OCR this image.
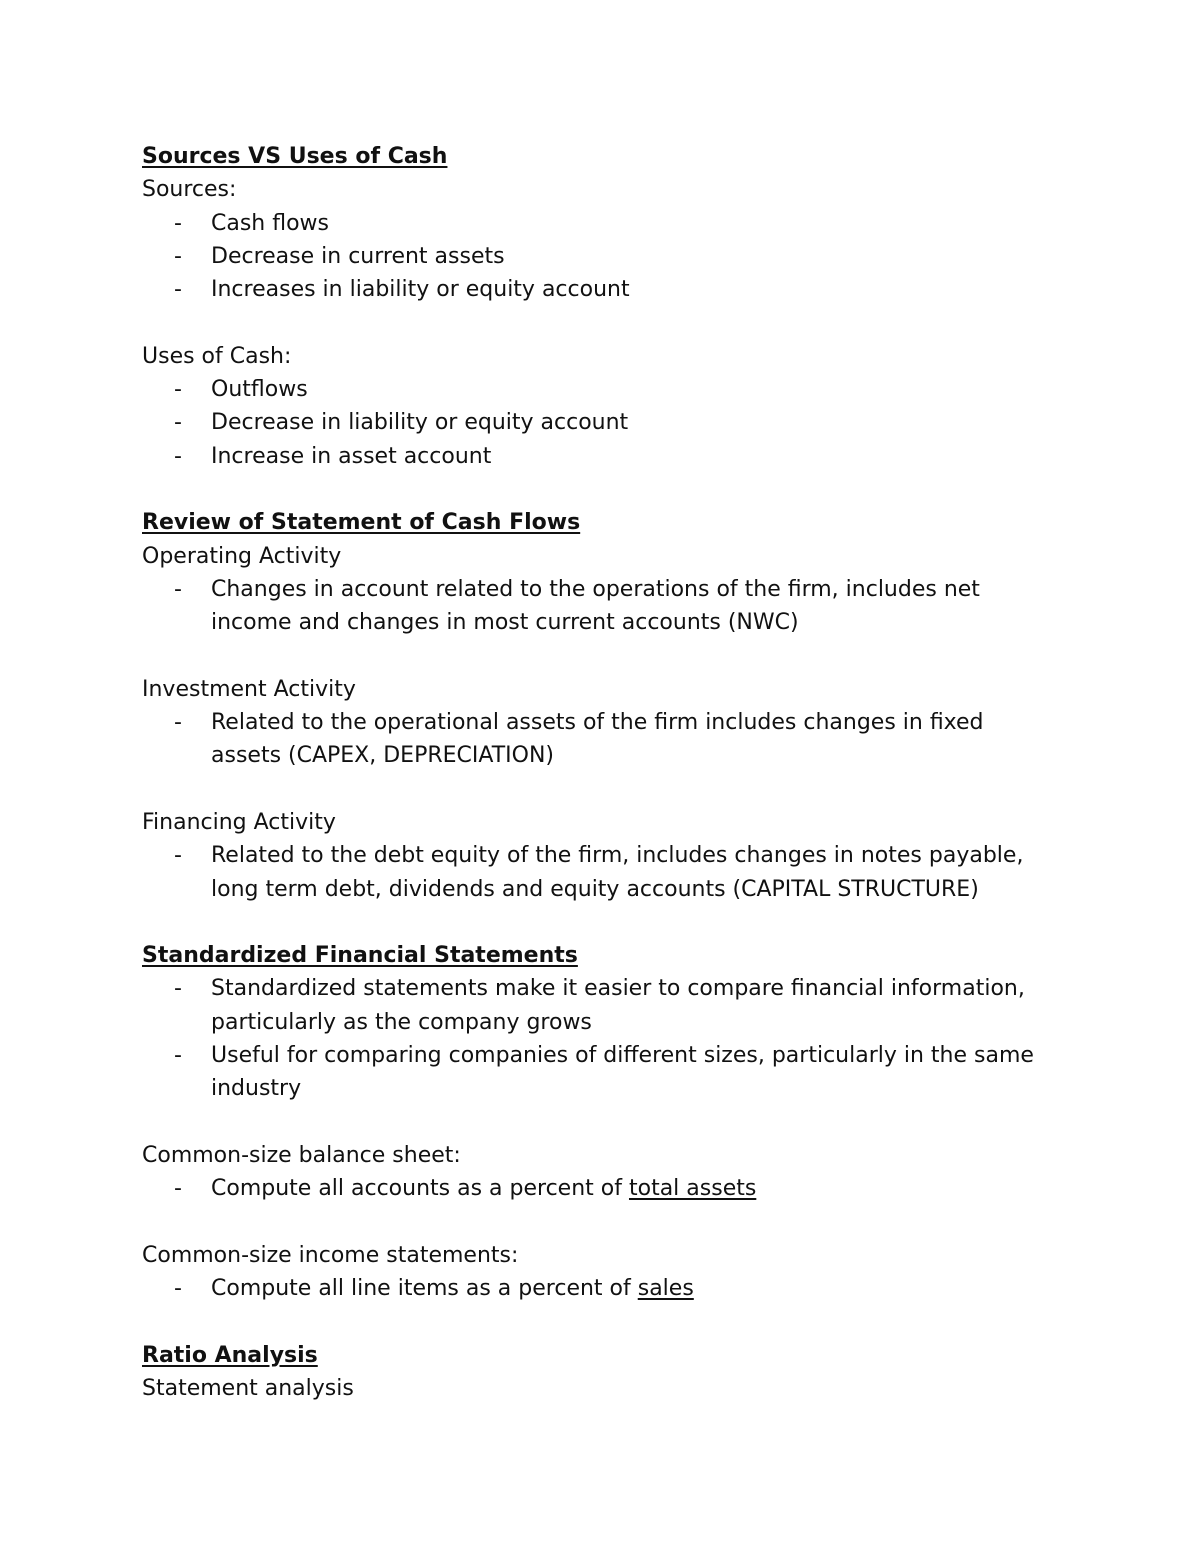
Sources VS Uses of Cash
Sources:
- Cash flows
- Decrease in current assets
- Increases in liability or equity account
Uses of Cash:
- Outflows
- Decrease in liability or equity account
- Increase in asset account
Review of Statement of Cash Flows
Operating Activity
- Changes in account related to the operations of the firm, includes net
income and changes in most current accounts (NWC)
Investment Activity
- Related to the operational assets of the firm includes changes in fixed
assets (CAPEX, DEPRECIATION)
Financing Activity
- Related to the debt equity of the firm, includes changes in notes payable,
long term debt, dividends and equity accounts (CAPITAL STRUCTURE)
Standardized Financial Statements
- Standardized statements make it easier to compare financial information,
particularly as the company grows
- Useful for comparing companies of different sizes, particularly in the same
industry
Common-size balance sheet:
- Compute all accounts as a percent of total assets
Common-size income statements:
- Compute all line items as a percent of sales
Ratio Analysis
Statement analysis
